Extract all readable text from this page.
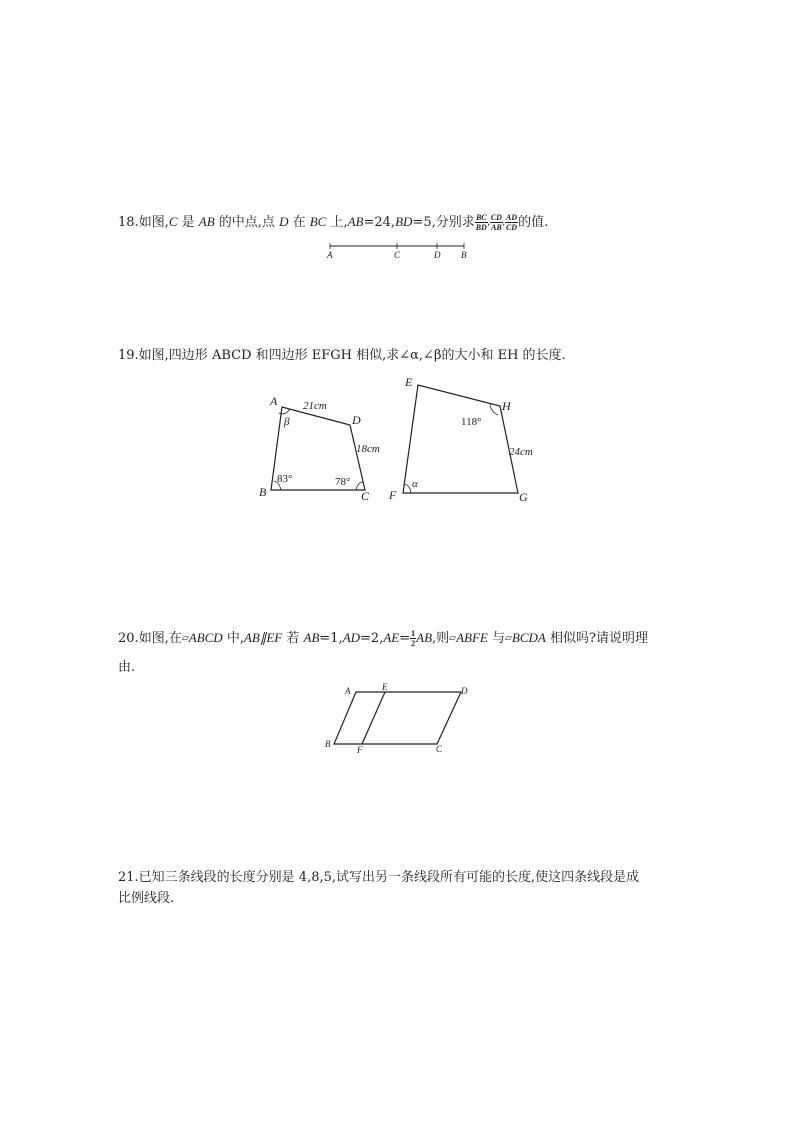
18.如图,C 是 AB 的中点,点 D 在 BC 上,AB=24,BD=5,分别求 $\frac{BC}{BD}$ , $\frac{CD}{AB}$ , $\frac{AD}{CD}$ 的值.
A	C	D B
19.如图,四边形 ABCD 和四边形 EFGH 相似,求∠α,∠β的大小和 EH 的长度.
A
B	C
D
21cm
18cm
β
83°	78°
E
F	G
H
118°
24cm
α
20.如图,在▱ABCD 中,AB∥EF 若 $AB=1,AD=2,AE= \frac{1}{2}$ AB,则▱ABFE 与▱BCDA 相似吗?请说明理
由.
A	E	D
B
F	C
21.已知三条线段的长度分别是 4,8,5,试写出另一条线段所有可能的长度,使这四条线段是成
比例线段.
